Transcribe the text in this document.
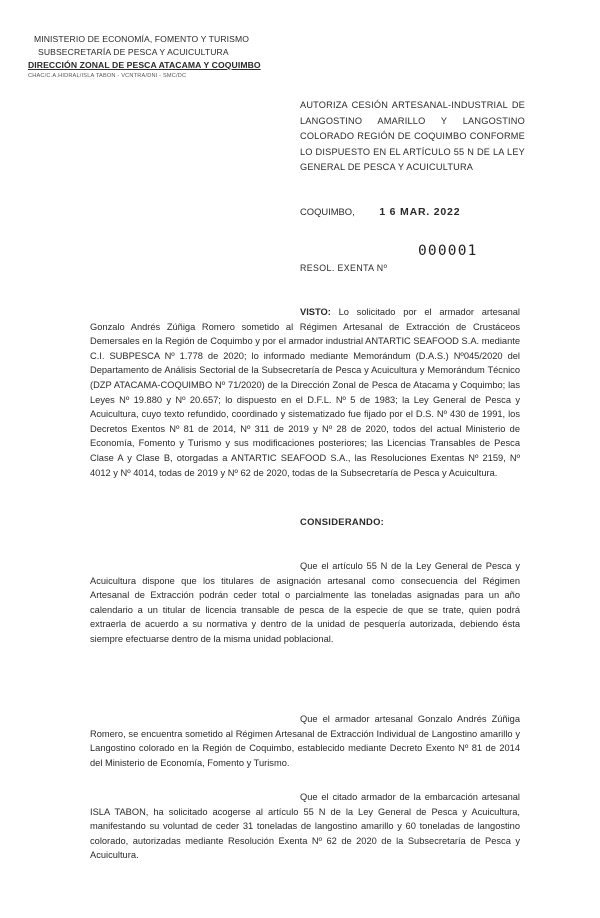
MINISTERIO DE ECONOMÍA, FOMENTO Y TURISMO
SUBSECRETARÍA DE PESCA Y ACUICULTURA
DIRECCIÓN ZONAL DE PESCA ATACAMA Y COQUIMBO
CHAC/C.A.HIDRAL/ISLA TABON - VCNTRA/DNI - SMC/DC
AUTORIZA CESIÓN ARTESANAL-INDUSTRIAL DE LANGOSTINO AMARILLO Y LANGOSTINO COLORADO REGIÓN DE COQUIMBO CONFORME LO DISPUESTO EN EL ARTÍCULO 55 N DE LA LEY GENERAL DE PESCA Y ACUICULTURA
COQUIMBO, 1 6 MAR. 2022
000001
RESOL. EXENTA Nº
VISTO: Lo solicitado por el armador artesanal Gonzalo Andrés Zúñiga Romero sometido al Régimen Artesanal de Extracción de Crustáceos Demersales en la Región de Coquimbo y por el armador industrial ANTARTIC SEAFOOD S.A. mediante C.I. SUBPESCA Nº 1.778 de 2020; lo informado mediante Memorándum (D.A.S.) Nº045/2020 del Departamento de Análisis Sectorial de la Subsecretaría de Pesca y Acuicultura y Memorándum Técnico (DZP ATACAMA-COQUIMBO Nº 71/2020) de la Dirección Zonal de Pesca de Atacama y Coquimbo; las Leyes Nº 19.880 y Nº 20.657; lo dispuesto en el D.F.L. Nº 5 de 1983; la Ley General de Pesca y Acuicultura, cuyo texto refundido, coordinado y sistematizado fue fijado por el D.S. Nº 430 de 1991, los Decretos Exentos Nº 81 de 2014, Nº 311 de 2019 y Nº 28 de 2020, todos del actual Ministerio de Economía, Fomento y Turismo y sus modificaciones posteriores; las Licencias Transables de Pesca Clase A y Clase B, otorgadas a ANTARTIC SEAFOOD S.A., las Resoluciones Exentas Nº 2159, Nº 4012 y Nº 4014, todas de 2019 y Nº 62 de 2020, todas de la Subsecretaría de Pesca y Acuicultura.
CONSIDERANDO:
Que el artículo 55 N de la Ley General de Pesca y Acuicultura dispone que los titulares de asignación artesanal como consecuencia del Régimen Artesanal de Extracción podrán ceder total o parcialmente las toneladas asignadas para un año calendario a un titular de licencia transable de pesca de la especie de que se trate, quien podrá extraerla de acuerdo a su normativa y dentro de la unidad de pesquería autorizada, debiendo ésta siempre efectuarse dentro de la misma unidad poblacional.
Que el armador artesanal Gonzalo Andrés Zúñiga Romero, se encuentra sometido al Régimen Artesanal de Extracción Individual de Langostino amarillo y Langostino colorado en la Región de Coquimbo, establecido mediante Decreto Exento Nº 81 de 2014 del Ministerio de Economía, Fomento y Turismo.
Que el citado armador de la embarcación artesanal ISLA TABON, ha solicitado acogerse al artículo 55 N de la Ley General de Pesca y Acuicultura, manifestando su voluntad de ceder 31 toneladas de langostino amarillo y 60 toneladas de langostino colorado, autorizadas mediante Resolución Exenta Nº 62 de 2020 de la Subsecretaría de Pesca y Acuicultura.
